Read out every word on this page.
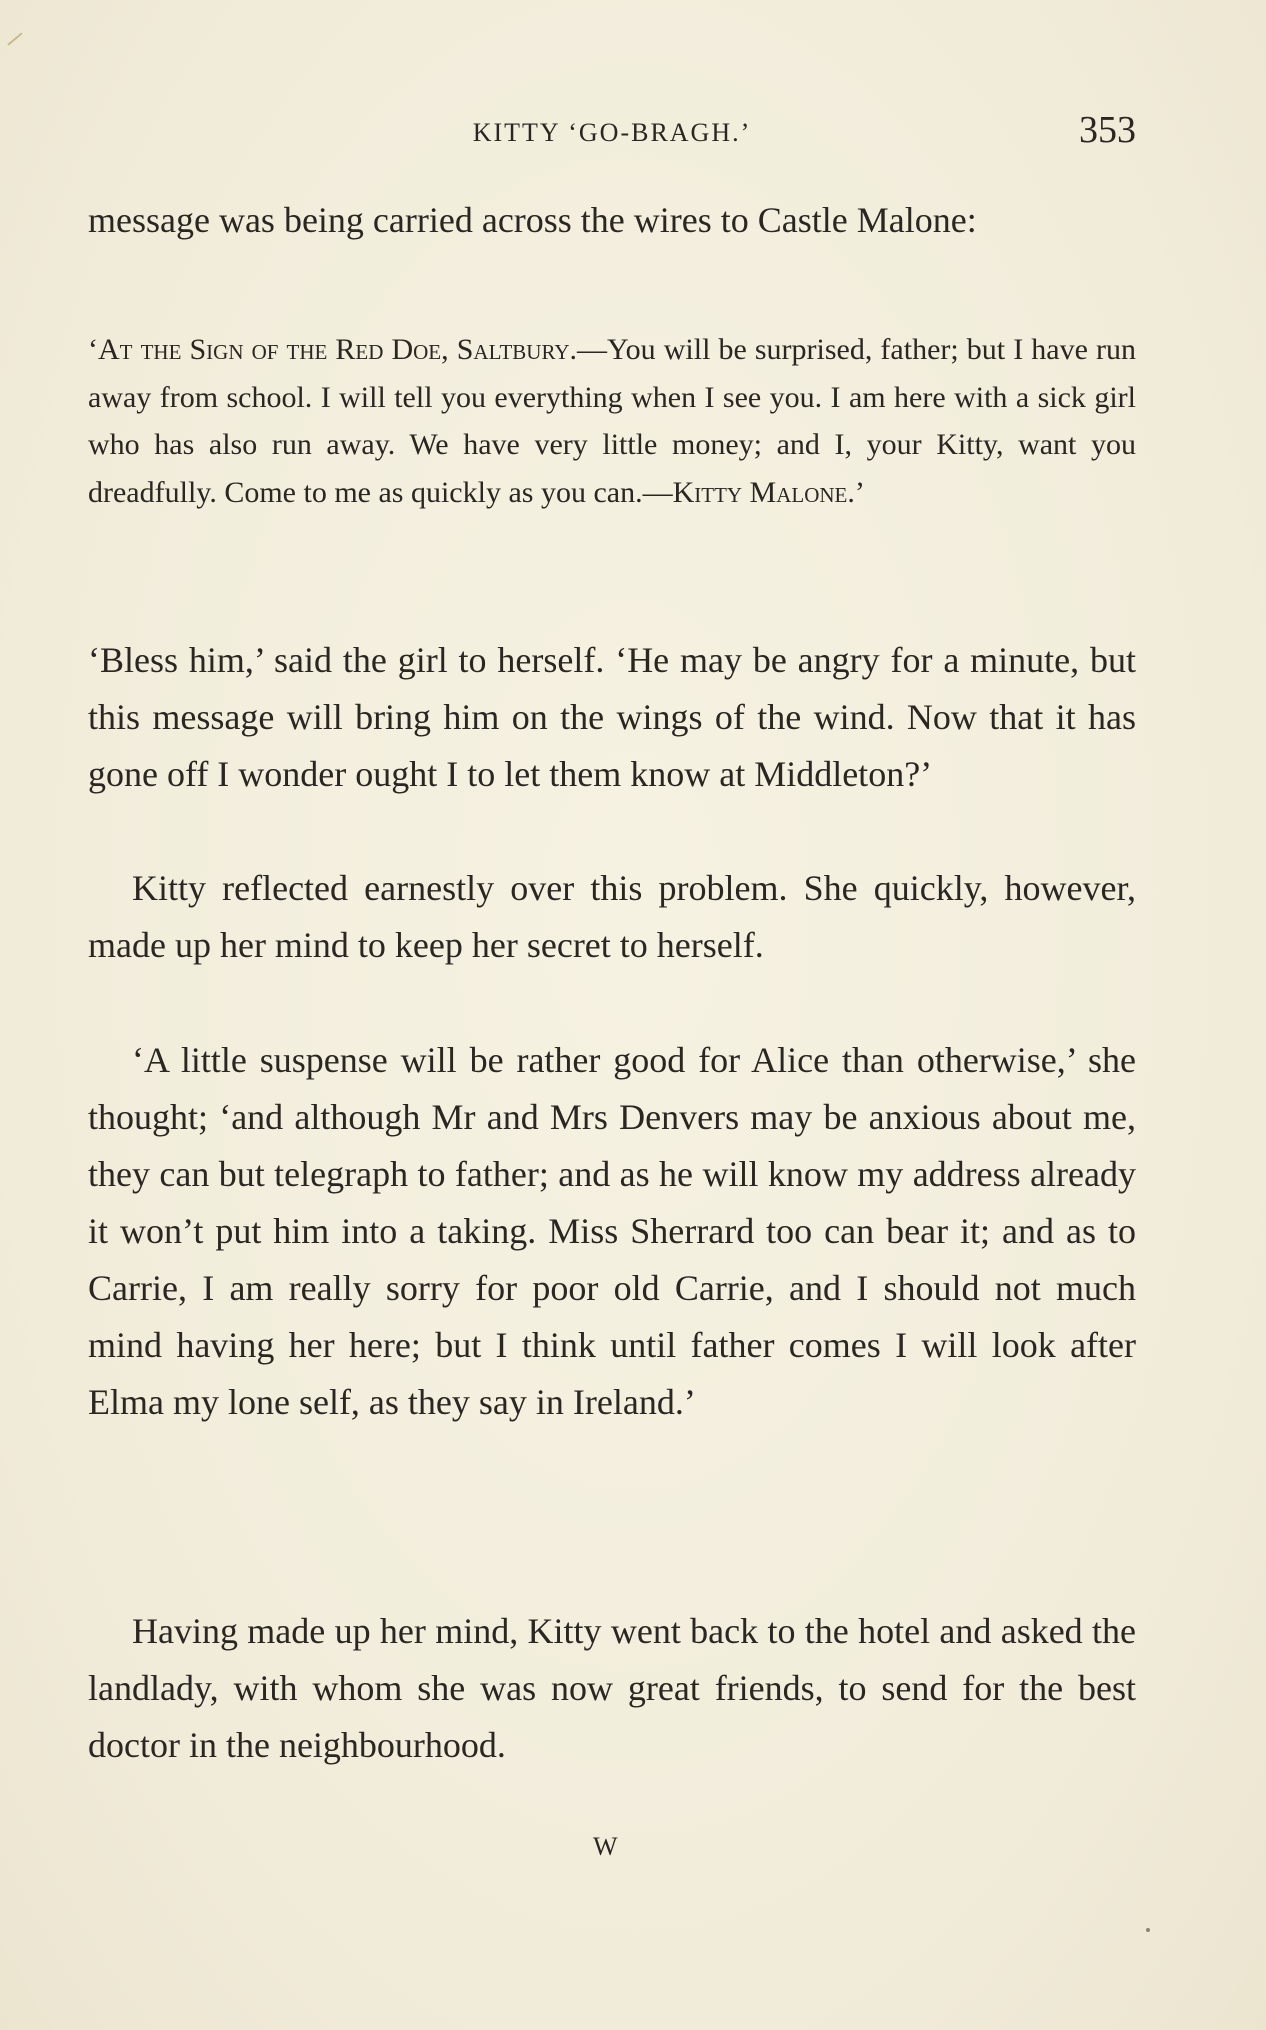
KITTY ‘GO-BRAGH.’	353

message was being carried across the wires to Castle Malone:

‘At the Sign of the Red Doe, Saltbury.—You will be surprised, father; but I have run away from school. I will tell you everything when I see you. I am here with a sick girl who has also run away. We have very little money; and I, your Kitty, want you dreadfully. Come to me as quickly as you can.—Kitty Malone.’

‘Bless him,’ said the girl to herself. ‘He may be angry for a minute, but this message will bring him on the wings of the wind. Now that it has gone off I wonder ought I to let them know at Middleton?’

Kitty reflected earnestly over this problem. She quickly, however, made up her mind to keep her secret to herself.

‘A little suspense will be rather good for Alice than otherwise,’ she thought; ‘and although Mr and Mrs Denvers may be anxious about me, they can but telegraph to father; and as he will know my address already it won’t put him into a taking. Miss Sherrard too can bear it; and as to Carrie, I am really sorry for poor old Carrie, and I should not much mind having her here; but I think until father comes I will look after Elma my lone self, as they say in Ireland.’

Having made up her mind, Kitty went back to the hotel and asked the landlady, with whom she was now great friends, to send for the best doctor in the neighbourhood.

W
